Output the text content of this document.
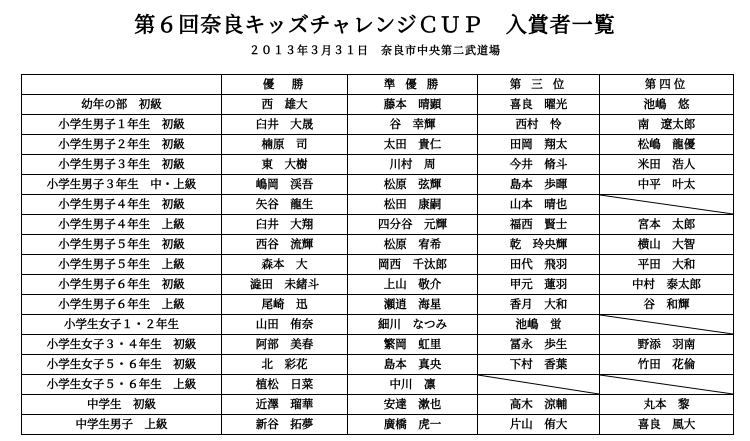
第６回奈良キッズチャレンジＣＵＰ　入賞者一覧
２０１３年３月３１日　奈良市中央第二武道場
	優　勝	準 優 勝	第 三 位	第四位
幼年の部　初級	西　雄大	藤本　晴顕	喜良　曜光	池嶋　悠
小学生男子１年生　初級	臼井　大晟	谷　幸輝	西村　怜	南　遼太郎
小学生男子２年生　初級	楠原　司	太田　貴仁	田岡　翔太	松嶋　龍優
小学生男子３年生　初級	東　大樹	川村　周	今井　脩斗	米田　浩人
小学生男子３年生　中・上級	嶋岡　渓吾	松原　弦輝	島本　歩暉	中平　叶太
小学生男子４年生　初級	矢谷　龍生	松田　康嗣	山本　晴也	

小学生男子４年生　上級	臼井　大翔	四分谷　元輝	福西　賢士	宮本　太郎
小学生男子５年生　初級	西谷　流輝	松原　宥希	乾　玲央輝	横山　大智
小学生男子５年生　上級	森本　大	岡西　千汰郎	田代　飛羽	平田　大和
小学生男子６年生　初級	澁田　未緒斗	上山　敬介	甲元　蓮羽	中村　泰太郎
小学生男子６年生　上級	尾崎　迅	瀬逍　海星	香月　大和	谷　和輝
小学生女子１・２年生	山田　侑奈	細川　なつみ	池嶋　蛍	

小学生女子３・４年生　初級	阿部　美春	繁岡　虹里	冨永　歩生	野添　羽南
小学生女子５・６年生　初級	北　彩花	島本　真央	下村　香葉	竹田　花倫
小学生女子５・６年生　上級	植松　日菜	中川　凛	

中学生　初級	近澤　瑠華	安達　漱也	高木　涼輔	丸本　黎
中学生男子　上級	新谷　拓夢	廣橋　虎一	片山　侑大	喜良　風大
